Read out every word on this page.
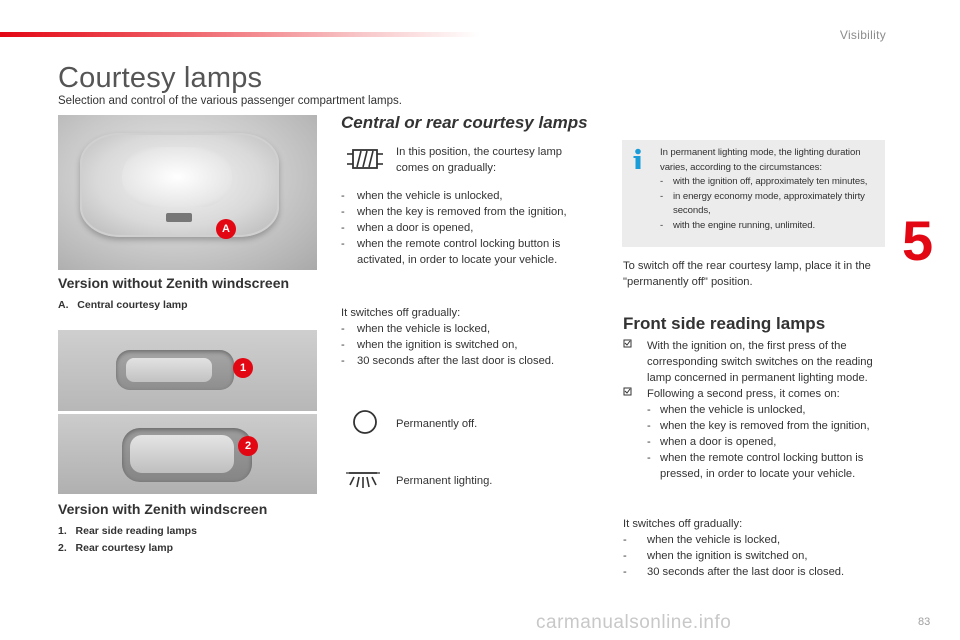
Visibility
5
Courtesy lamps
Selection and control of the various passenger compartment lamps.
A
Version without Zenith windscreen
A. Central courtesy lamp
1
2
Version with Zenith windscreen
1. Rear side reading lamps
2. Rear courtesy lamp
Central or rear courtesy lamps
In this position, the courtesy lamp comes on gradually:
- when the vehicle is unlocked,
- when the key is removed from the ignition,
- when a door is opened,
- when the remote control locking button is activated, in order to locate your vehicle.
It switches off gradually:
- when the vehicle is locked,
- when the ignition is switched on,
- 30 seconds after the last door is closed.
Permanently off.
Permanent lighting.
In permanent lighting mode, the lighting duration varies, according to the circumstances:
- with the ignition off, approximately ten minutes,
- in energy economy mode, approximately thirty seconds,
- with the engine running, unlimited.
To switch off the rear courtesy lamp, place it in the "permanently off" position.
Front side reading lamps
With the ignition on, the first press of the corresponding switch switches on the reading lamp concerned in permanent lighting mode.
Following a second press, it comes on:
- when the vehicle is unlocked,
- when the key is removed from the ignition,
- when a door is opened,
- when the remote control locking button is pressed, in order to locate your vehicle.
It switches off gradually:
- when the vehicle is locked,
- when the ignition is switched on,
- 30 seconds after the last door is closed.
carmanualsonline.info	83
